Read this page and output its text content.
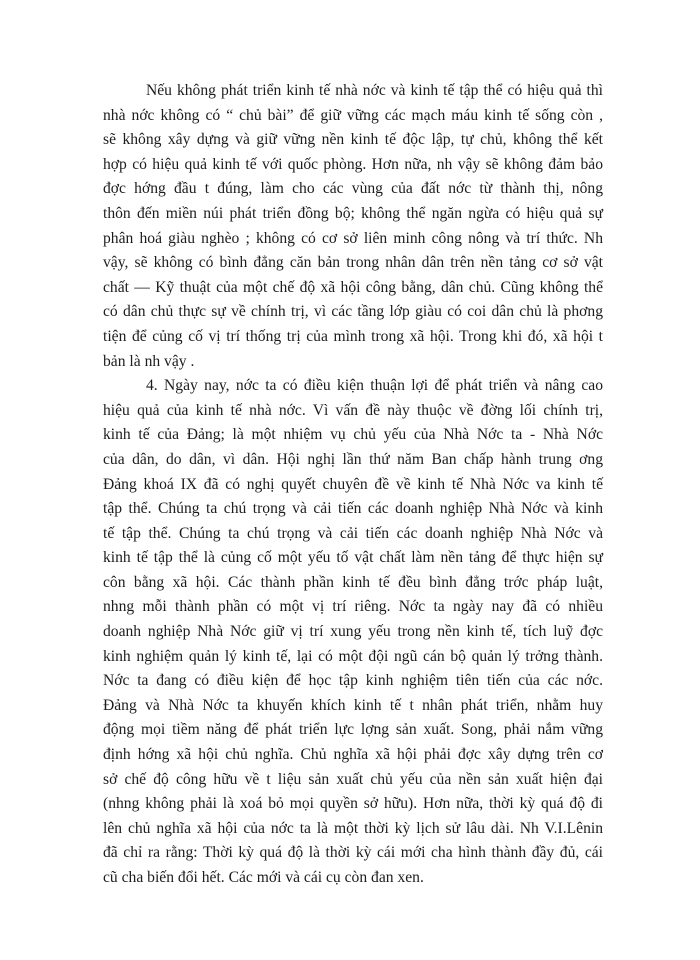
Nếu không phát triển kinh tế nhà nớc và kinh tế tập thể có hiệu quả thì
nhà nớc không có “ chủ bài” để giữ vững các mạch máu kinh tế sống còn ,
sẽ không xây dựng và giữ vững nền kinh tế độc lập, tự chủ, không thể kết
hợp có hiệu quả kinh tế với quốc phòng. Hơn nữa, nh vậy sẽ không đảm bảo
đợc hớng đầu t đúng, làm cho các vùng của đất nớc từ thành thị, nông
thôn đến miền núi phát triển đồng bộ; không thể ngăn ngừa có hiệu quả sự
phân hoá giàu nghèo ; không có cơ sở liên minh công nông và trí thức. Nh
vậy, sẽ không có bình đẳng căn bản trong nhân dân trên nền tảng cơ sở vật
chất — Kỹ thuật của một chế độ xã hội công bằng, dân chủ. Cũng không thể
có dân chủ thực sự về chính trị, vì các tầng lớp giàu có coi dân chủ là phơng
tiện để củng cố vị trí thống trị của mình trong xã hội. Trong khi đó, xã hội t
bản là nh vậy .
4. Ngày nay, nớc ta có điều kiện thuận lợi để phát triển và nâng cao
hiệu quả của kinh tế nhà nớc. Vì vấn đề này thuộc về đờng lối chính trị,
kinh tế của Đảng; là một nhiệm vụ chủ yếu của Nhà Nớc ta - Nhà Nớc
của dân, do dân, vì dân. Hội nghị lần thứ năm Ban chấp hành trung ơng
Đảng khoá IX đã có nghị quyết chuyên đề về kinh tế Nhà Nớc va kinh tế
tập thể. Chúng ta chú trọng và cải tiến các doanh nghiệp Nhà Nớc và kinh
tế tập thể. Chúng ta chú trọng và cải tiến các doanh nghiệp Nhà Nớc và
kinh tế tập thể là củng cố một yếu tố vật chất làm nền tảng để thực hiện sự
côn bằng xã hội. Các thành phần kinh tế đều bình đẳng trớc pháp luật,
nhng mỗi thành phần có một vị trí riêng. Nớc ta ngày nay đã có nhiều
doanh nghiệp Nhà Nớc giữ vị trí xung yếu trong nền kinh tế, tích luỹ đợc
kinh nghiệm quản lý kinh tế, lại có một đội ngũ cán bộ quản lý trởng thành.
Nớc ta đang có điều kiện để học tập kinh nghiệm tiên tiến của các nớc.
Đảng và Nhà Nớc ta khuyến khích kinh tế t nhân phát triển, nhằm huy
động mọi tiềm năng để phát triển lực lợng sản xuất. Song, phải nắm vững
định hớng xã hội chủ nghĩa. Chủ nghĩa xã hội phải đợc xây dựng trên cơ
sở chế độ công hữu về t liệu sản xuất chủ yếu của nền sản xuất hiện đại
(nhng không phải là xoá bỏ mọi quyền sở hữu). Hơn nữa, thời kỳ quá độ đi
lên chủ nghĩa xã hội của nớc ta là một thời kỳ lịch sử lâu dài. Nh V.I.Lênin
đã chỉ ra rằng: Thời kỳ quá độ là thời kỳ cái mới cha hình thành đầy đủ, cái
cũ cha biến đổi hết. Các mới và cái cụ còn đan xen.
